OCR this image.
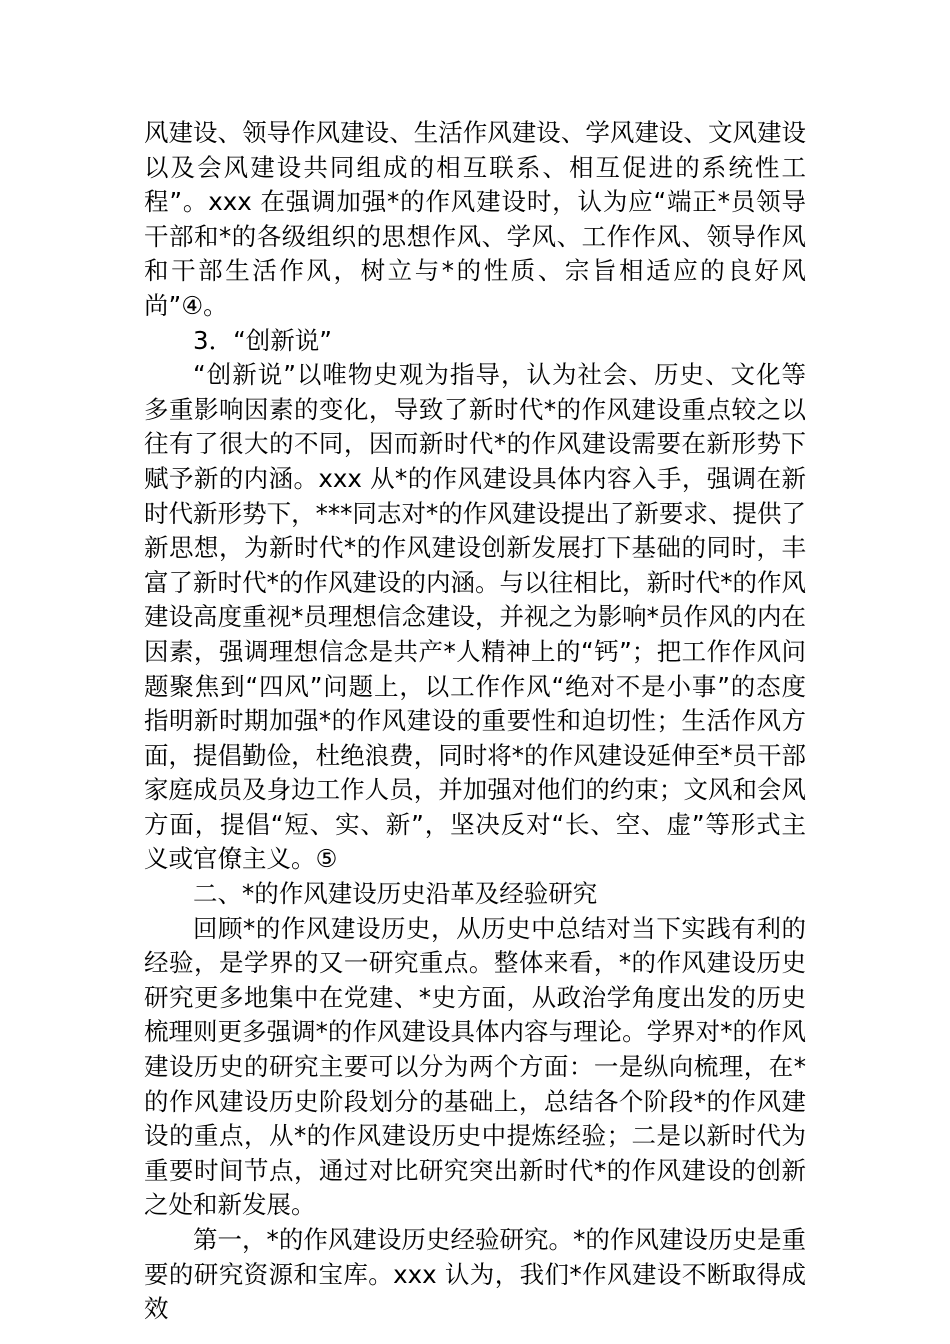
风建设、领导作风建设、生活作风建设、学风建设、文风建设以及会风建设共同组成的相互联系、相互促进的系统性工程”。xxx 在强调加强*的作风建设时，认为应“端正*员领导干部和*的各级组织的思想作风、学风、工作作风、领导作风和干部生活作风，树立与*的性质、宗旨相适应的良好风尚”④。

3．“创新说”

“创新说”以唯物史观为指导，认为社会、历史、文化等多重影响因素的变化，导致了新时代*的作风建设重点较之以往有了很大的不同，因而新时代*的作风建设需要在新形势下赋予新的内涵。xxx 从*的作风建设具体内容入手，强调在新时代新形势下，***同志对*的作风建设提出了新要求、提供了新思想，为新时代*的作风建设创新发展打下基础的同时，丰富了新时代*的作风建设的内涵。与以往相比，新时代*的作风建设高度重视*员理想信念建设，并视之为影响*员作风的内在因素，强调理想信念是共产*人精神上的“钙”；把工作作风问题聚焦到“四风”问题上，以工作作风“绝对不是小事”的态度指明新时期加强*的作风建设的重要性和迫切性；生活作风方面，提倡勤俭，杜绝浪费，同时将*的作风建设延伸至*员干部家庭成员及身边工作人员，并加强对他们的约束；文风和会风方面，提倡“短、实、新”，坚决反对“长、空、虚”等形式主义或官僚主义。⑤

二、*的作风建设历史沿革及经验研究

回顾*的作风建设历史，从历史中总结对当下实践有利的经验，是学界的又一研究重点。整体来看，*的作风建设历史研究更多地集中在党建、*史方面，从政治学角度出发的历史梳理则更多强调*的作风建设具体内容与理论。学界对*的作风建设历史的研究主要可以分为两个方面：一是纵向梳理，在*的作风建设历史阶段划分的基础上，总结各个阶段*的作风建设的重点，从*的作风建设历史中提炼经验；二是以新时代为重要时间节点，通过对比研究突出新时代*的作风建设的创新之处和新发展。

第一，*的作风建设历史经验研究。*的作风建设历史是重要的研究资源和宝库。xxx 认为，我们*作风建设不断取得成效
